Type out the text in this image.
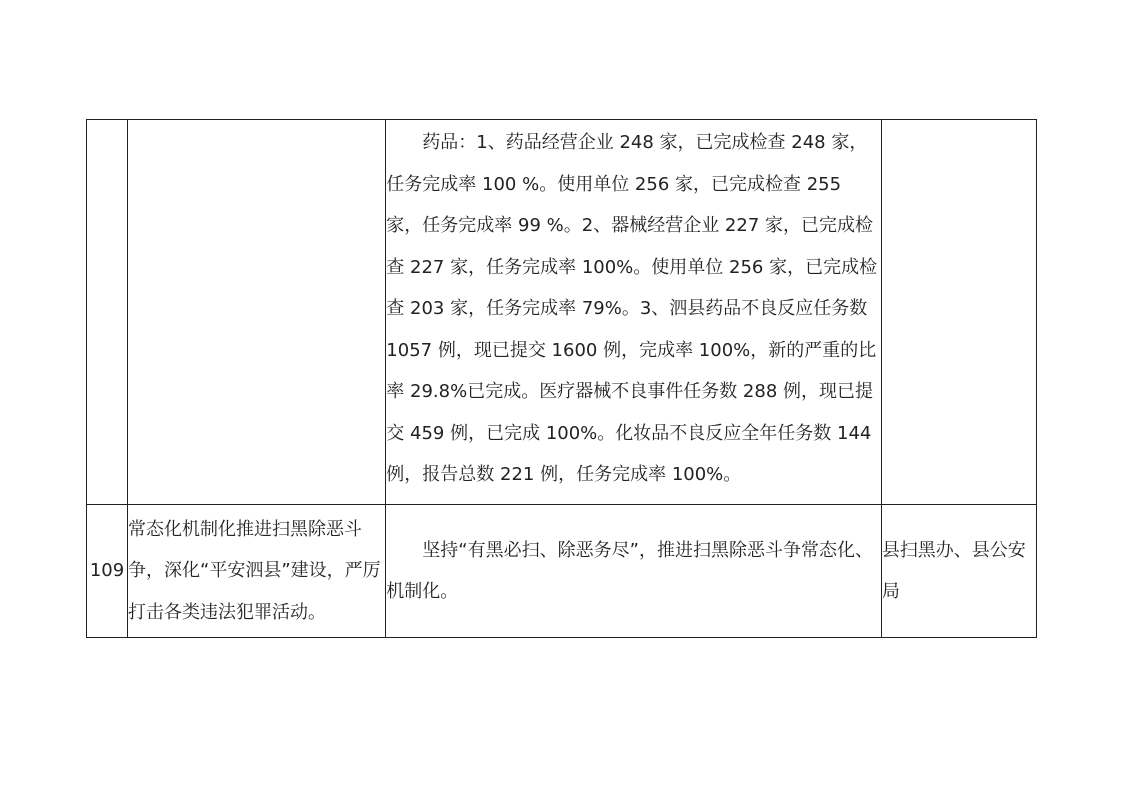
		药品：1、药品经营企业 248 家，已完成检查 248 家，任务完成率 100 %。使用单位 256 家，已完成检查 255 家，任务完成率 99 %。2、器械经营企业 227 家，已完成检查 227 家，任务完成率 100%。使用单位 256 家，已完成检查 203 家，任务完成率 79%。3、泗县药品不良反应任务数 1057 例，现已提交 1600 例，完成率 100%，新的严重的比率 29.8%已完成。医疗器械不良事件任务数 288 例，现已提交 459 例，已完成 100%。化妆品不良反应全年任务数 144 例，报告总数 221 例，任务完成率 100%。	

109	常态化机制化推进扫黑除恶斗争，深化“平安泗县”建设，严厉打击各类违法犯罪活动。	坚持“有黑必扫、除恶务尽”，推进扫黑除恶斗争常态化、机制化。	县扫黑办、县公安局
